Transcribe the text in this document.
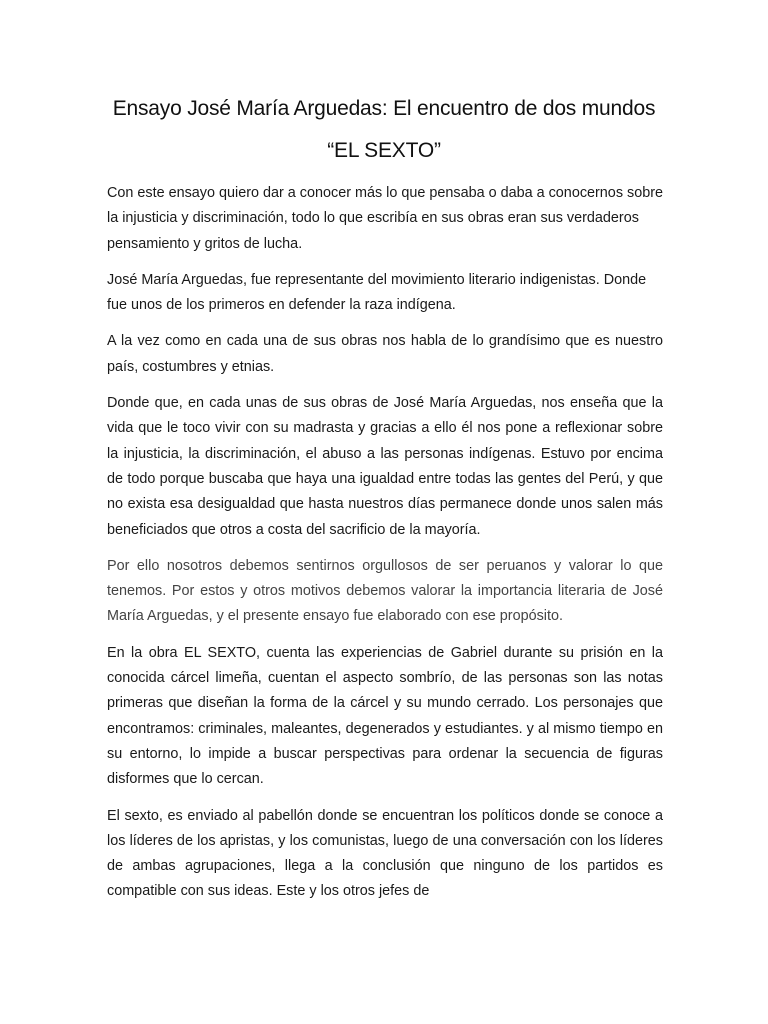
Ensayo José María Arguedas: El encuentro de dos mundos “EL SEXTO”

Con este ensayo quiero dar a conocer más lo que pensaba o daba a conocernos sobre la injusticia y discriminación, todo lo que escribía en sus obras eran sus verdaderos pensamiento y gritos de lucha.

José María Arguedas, fue representante del movimiento literario indigenistas. Donde fue unos de los primeros en defender la raza indígena.

A la vez como en cada una de sus obras nos habla de lo grandísimo que es nuestro país, costumbres y etnias.

Donde que, en cada unas de sus obras de José María Arguedas, nos enseña que la vida que le toco vivir con su madrasta y gracias a ello él nos pone a reflexionar sobre la injusticia, la discriminación, el abuso a las personas indígenas. Estuvo por encima de todo porque buscaba que haya una igualdad entre todas las gentes del Perú, y que no exista esa desigualdad que hasta nuestros días permanece donde unos salen más beneficiados que otros a costa del sacrificio de la mayoría.

Por ello nosotros debemos sentirnos orgullosos de ser peruanos y valorar lo que tenemos. Por estos y otros motivos debemos valorar la importancia literaria de José María Arguedas, y el presente ensayo fue elaborado con ese propósito.

En la obra EL SEXTO, cuenta las experiencias de Gabriel durante su prisión en la conocida cárcel limeña, cuentan el aspecto sombrío, de las personas son las notas primeras que diseñan la forma de la cárcel y su mundo cerrado. Los personajes que encontramos: criminales, maleantes, degenerados y estudiantes. y al mismo tiempo en su entorno, lo impide a buscar perspectivas para ordenar la secuencia de figuras disformes que lo cercan.

El sexto, es enviado al pabellón donde se encuentran los políticos donde se conoce a los líderes de los apristas, y los comunistas, luego de una conversación con los líderes de ambas agrupaciones, llega a la conclusión que ninguno de los partidos es compatible con sus ideas. Este y los otros jefes de
